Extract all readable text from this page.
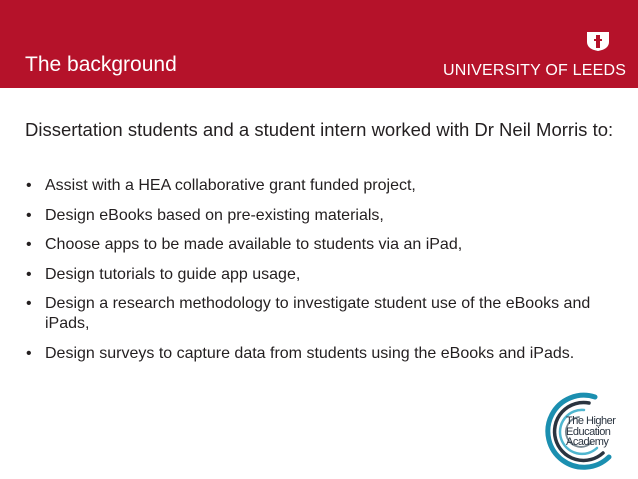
UNIVERSITY OF LEEDS
The background
Dissertation students and a student intern worked with Dr Neil Morris to:
• Assist with a HEA collaborative grant funded project,
• Design eBooks based on pre-existing materials,
• Choose apps to be made available to students via an iPad,
• Design tutorials to guide app usage,
• Design a research methodology to investigate student use of the eBooks and iPads,
• Design surveys to capture data from students using the eBooks and iPads.
The Higher
Education
Academy
